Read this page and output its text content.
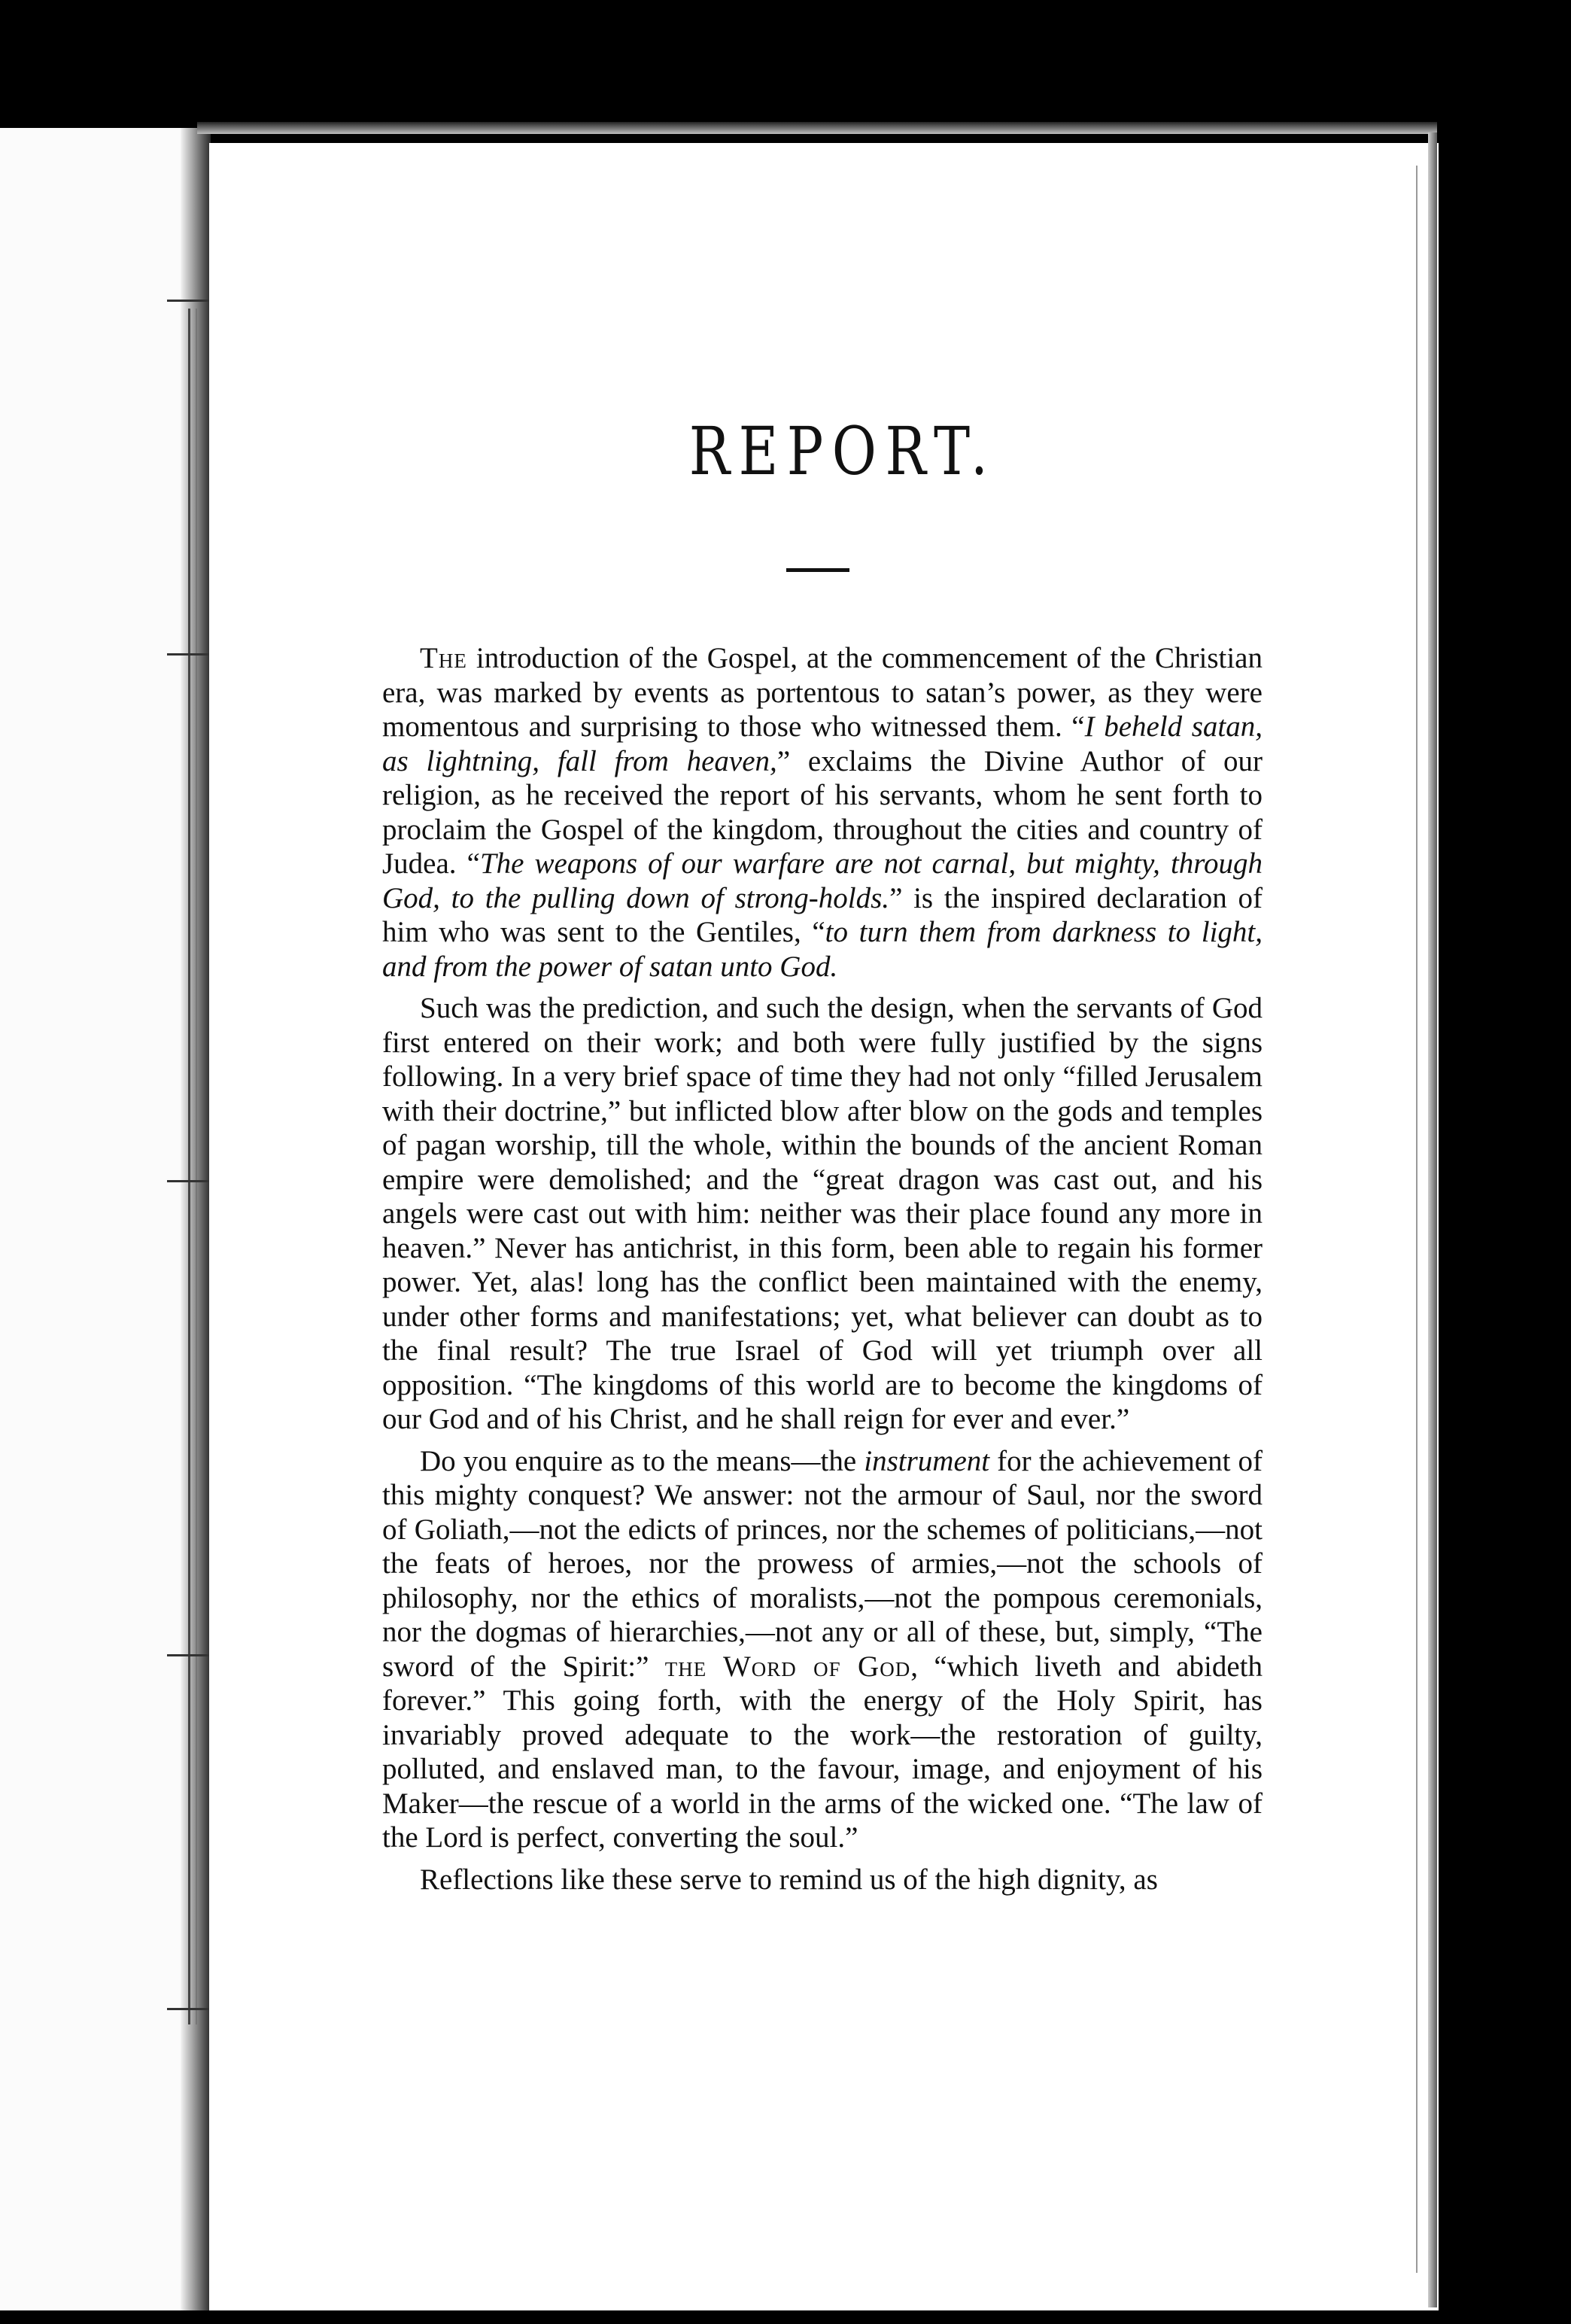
REPORT.

The introduction of the Gospel, at the commencement of the Christian era, was marked by events as portentous to satan’s power, as they were momentous and surprising to those who witnessed them. “I beheld satan, as lightning, fall from heaven,” exclaims the Divine Author of our religion, as he received the report of his servants, whom he sent forth to proclaim the Gospel of the kingdom, throughout the cities and country of Judea. “The weapons of our warfare are not carnal, but mighty, through God, to the pulling down of strong-holds.” is the inspired declaration of him who was sent to the Gentiles, “to turn them from darkness to light, and from the power of satan unto God.

Such was the prediction, and such the design, when the servants of God first entered on their work; and both were fully justified by the signs following. In a very brief space of time they had not only “filled Jerusalem with their doctrine,” but inflicted blow after blow on the gods and temples of pagan worship, till the whole, within the bounds of the ancient Roman empire were demolished; and the “great dragon was cast out, and his angels were cast out with him: neither was their place found any more in heaven.” Never has antichrist, in this form, been able to regain his former power. Yet, alas! long has the conflict been maintained with the enemy, under other forms and manifestations; yet, what believer can doubt as to the final result? The true Israel of God will yet triumph over all opposition. “The kingdoms of this world are to become the kingdoms of our God and of his Christ, and he shall reign for ever and ever.”

Do you enquire as to the means—the instrument for the achievement of this mighty conquest? We answer: not the armour of Saul, nor the sword of Goliath,—not the edicts of princes, nor the schemes of politicians,—not the feats of heroes, nor the prowess of armies,—not the schools of philosophy, nor the ethics of moralists,—not the pompous ceremonials, nor the dogmas of hierarchies,—not any or all of these, but, simply, “The sword of the Spirit:” the Word of God, “which liveth and abideth forever.” This going forth, with the energy of the Holy Spirit, has invariably proved adequate to the work—the restoration of guilty, polluted, and enslaved man, to the favour, image, and enjoyment of his Maker—the rescue of a world in the arms of the wicked one. “The law of the Lord is perfect, converting the soul.”

Reflections like these serve to remind us of the high dignity, as
